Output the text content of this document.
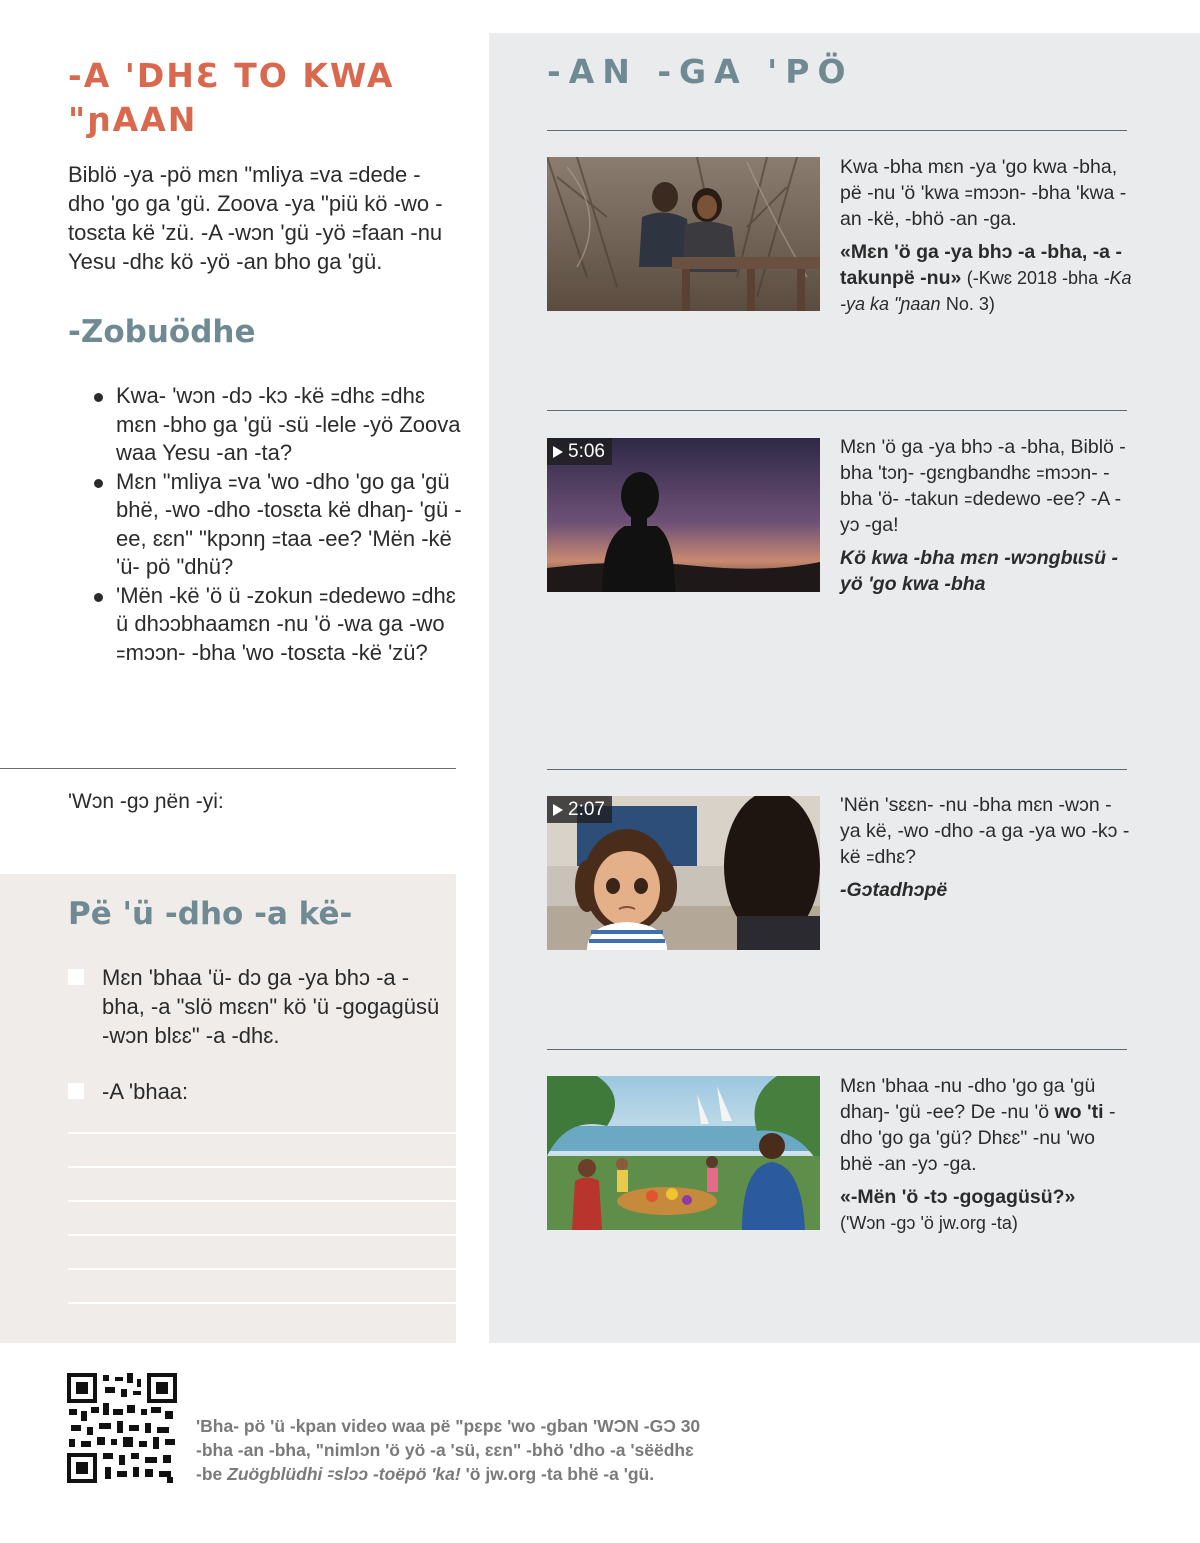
-A 'DHƐ TO KWA "ɲAAN

Biblö -ya -pö mɛn "mliya ꞊va ꞊dede -dho 'go ga 'gü. Zoova -ya "piü kö -wo -tosɛta kë 'zü. -A -wɔn 'gü -yö ꞊faan -nu Yesu -dhɛ kö -yö -an bho ga 'gü.

-Zobuödhe
Kwa- 'wɔn -dɔ -kɔ -kë ꞊dhɛ ꞊dhɛ mɛn -bho ga 'gü -sü -lele -yö Zoova waa Yesu -an -ta?
Mɛn "mliya ꞊va 'wo -dho 'go ga 'gü bhë, -wo -dho -tosɛta kë dhaŋ- 'gü -ee, ɛɛn" "kpɔnŋ ꞊taa -ee? 'Mën -kë 'ü- pö "dhü?
'Mën -kë 'ö ü -zokun ꞊dedewo ꞊dhɛ ü dhɔɔbhaamɛn -nu 'ö -wa ga -wo ꞊mɔɔn- -bha 'wo -tosɛta -kë 'zü?
'Wɔn -gɔ ɲën -yi:
Pë 'ü -dho -a kë-
Mɛn 'bhaa 'ü- dɔ ga -ya bhɔ -a -bha, -a "slö mɛɛn" kö 'ü -gogagüsü -wɔn blɛɛ" -a -dhɛ.
-A 'bhaa:
-AN -GA 'PÖ

Kwa -bha mɛn -ya 'go kwa -bha, pë -nu 'ö 'kwa ꞊mɔɔn- -bha 'kwa -an -kë, -bhö -an -ga.

«Mɛn 'ö ga -ya bhɔ -a -bha, -a -takunpë -nu» (-Kwɛ 2018 -bha -Ka -ya ka "ɲaan No. 3)

5:06	Mɛn 'ö ga -ya bhɔ -a -bha, Biblö -bha 'tɔŋ- -gɛngbandhɛ ꞊mɔɔn- -bha 'ö- -takun ꞊dedewo -ee? -A -yɔ -ga!

Kö kwa -bha mɛn -wɔngbɩɩsü -yö 'go kwa -bha

2:07	'Nën 'sɛɛn- -nu -bha mɛn -wɔn -ya kë, -wo -dho -a ga -ya wo -kɔ -kë ꞊dhɛ?

-Gɔtadhɔpë

Mɛn 'bhaa -nu -dho 'go ga 'gü dhaŋ- 'gü -ee? De -nu 'ö wo 'ti -dho 'go ga 'gü? Dhɛɛ" -nu 'wo bhë -an -yɔ -ga.

«-Mën 'ö -tɔ -gogagüsü?»

('Wɔn -gɔ 'ö jw.org -ta)

'Bha- pö 'ü -kpan video waa pë "pɛpɛ 'wo -gban 'WƆN -GƆ 30
-bha -an -bha, "nimlɔn 'ö yö -a 'sü, ɛɛn" -bhö 'dho -a 'sëëdhɛ
-be Zuögblüdhi ꞊slɔɔ -toëpö 'ka! 'ö jw.org -ta bhë -a 'gü.
